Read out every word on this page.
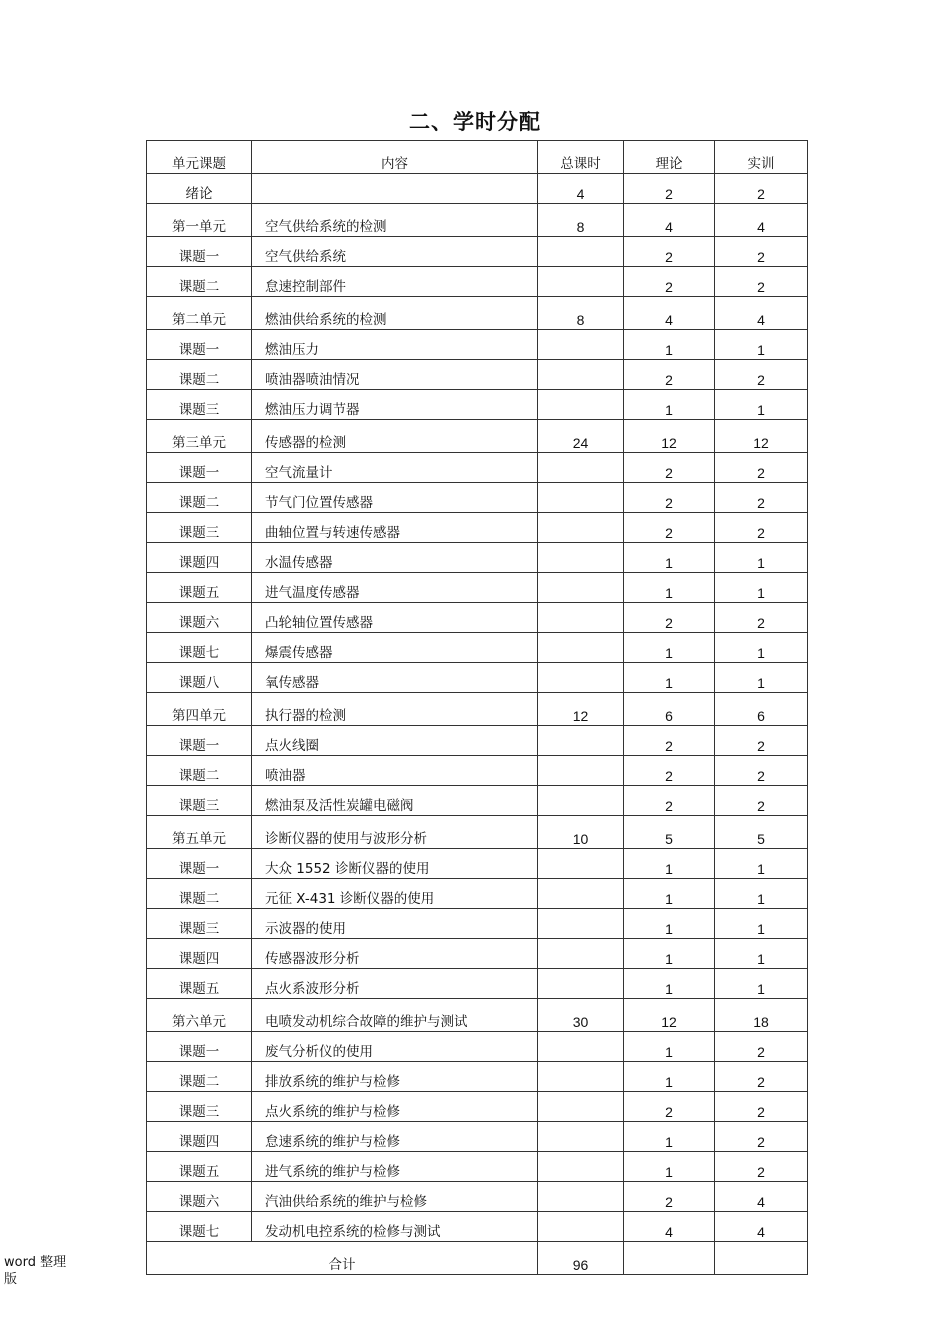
二、学时分配
单元课题	内容	总课时	理论	实训
绪论		4	2	2
第一单元	空气供给系统的检测	8	4	4
课题一	空气供给系统		2	2
课题二	怠速控制部件		2	2
第二单元	燃油供给系统的检测	8	4	4
课题一	燃油压力		1	1
课题二	喷油器喷油情况		2	2
课题三	燃油压力调节器		1	1
第三单元	传感器的检测	24	12	12
课题一	空气流量计		2	2
课题二	节气门位置传感器		2	2
课题三	曲轴位置与转速传感器		2	2
课题四	水温传感器		1	1
课题五	进气温度传感器		1	1
课题六	凸轮轴位置传感器		2	2
课题七	爆震传感器		1	1
课题八	氧传感器		1	1
第四单元	执行器的检测	12	6	6
课题一	点火线圈		2	2
课题二	喷油器		2	2
课题三	燃油泵及活性炭罐电磁阀		2	2
第五单元	诊断仪器的使用与波形分析	10	5	5
课题一	大众 1552 诊断仪器的使用		1	1
课题二	元征 X-431 诊断仪器的使用		1	1
课题三	示波器的使用		1	1
课题四	传感器波形分析		1	1
课题五	点火系波形分析		1	1
第六单元	电喷发动机综合故障的维护与测试	30	12	18
课题一	废气分析仪的使用		1	2
课题二	排放系统的维护与检修		1	2
课题三	点火系统的维护与检修		2	2
课题四	怠速系统的维护与检修		1	2
课题五	进气系统的维护与检修		1	2
课题六	汽油供给系统的维护与检修		2	4
课题七	发动机电控系统的检修与测试		4	4
合计		96		
word 整理版
